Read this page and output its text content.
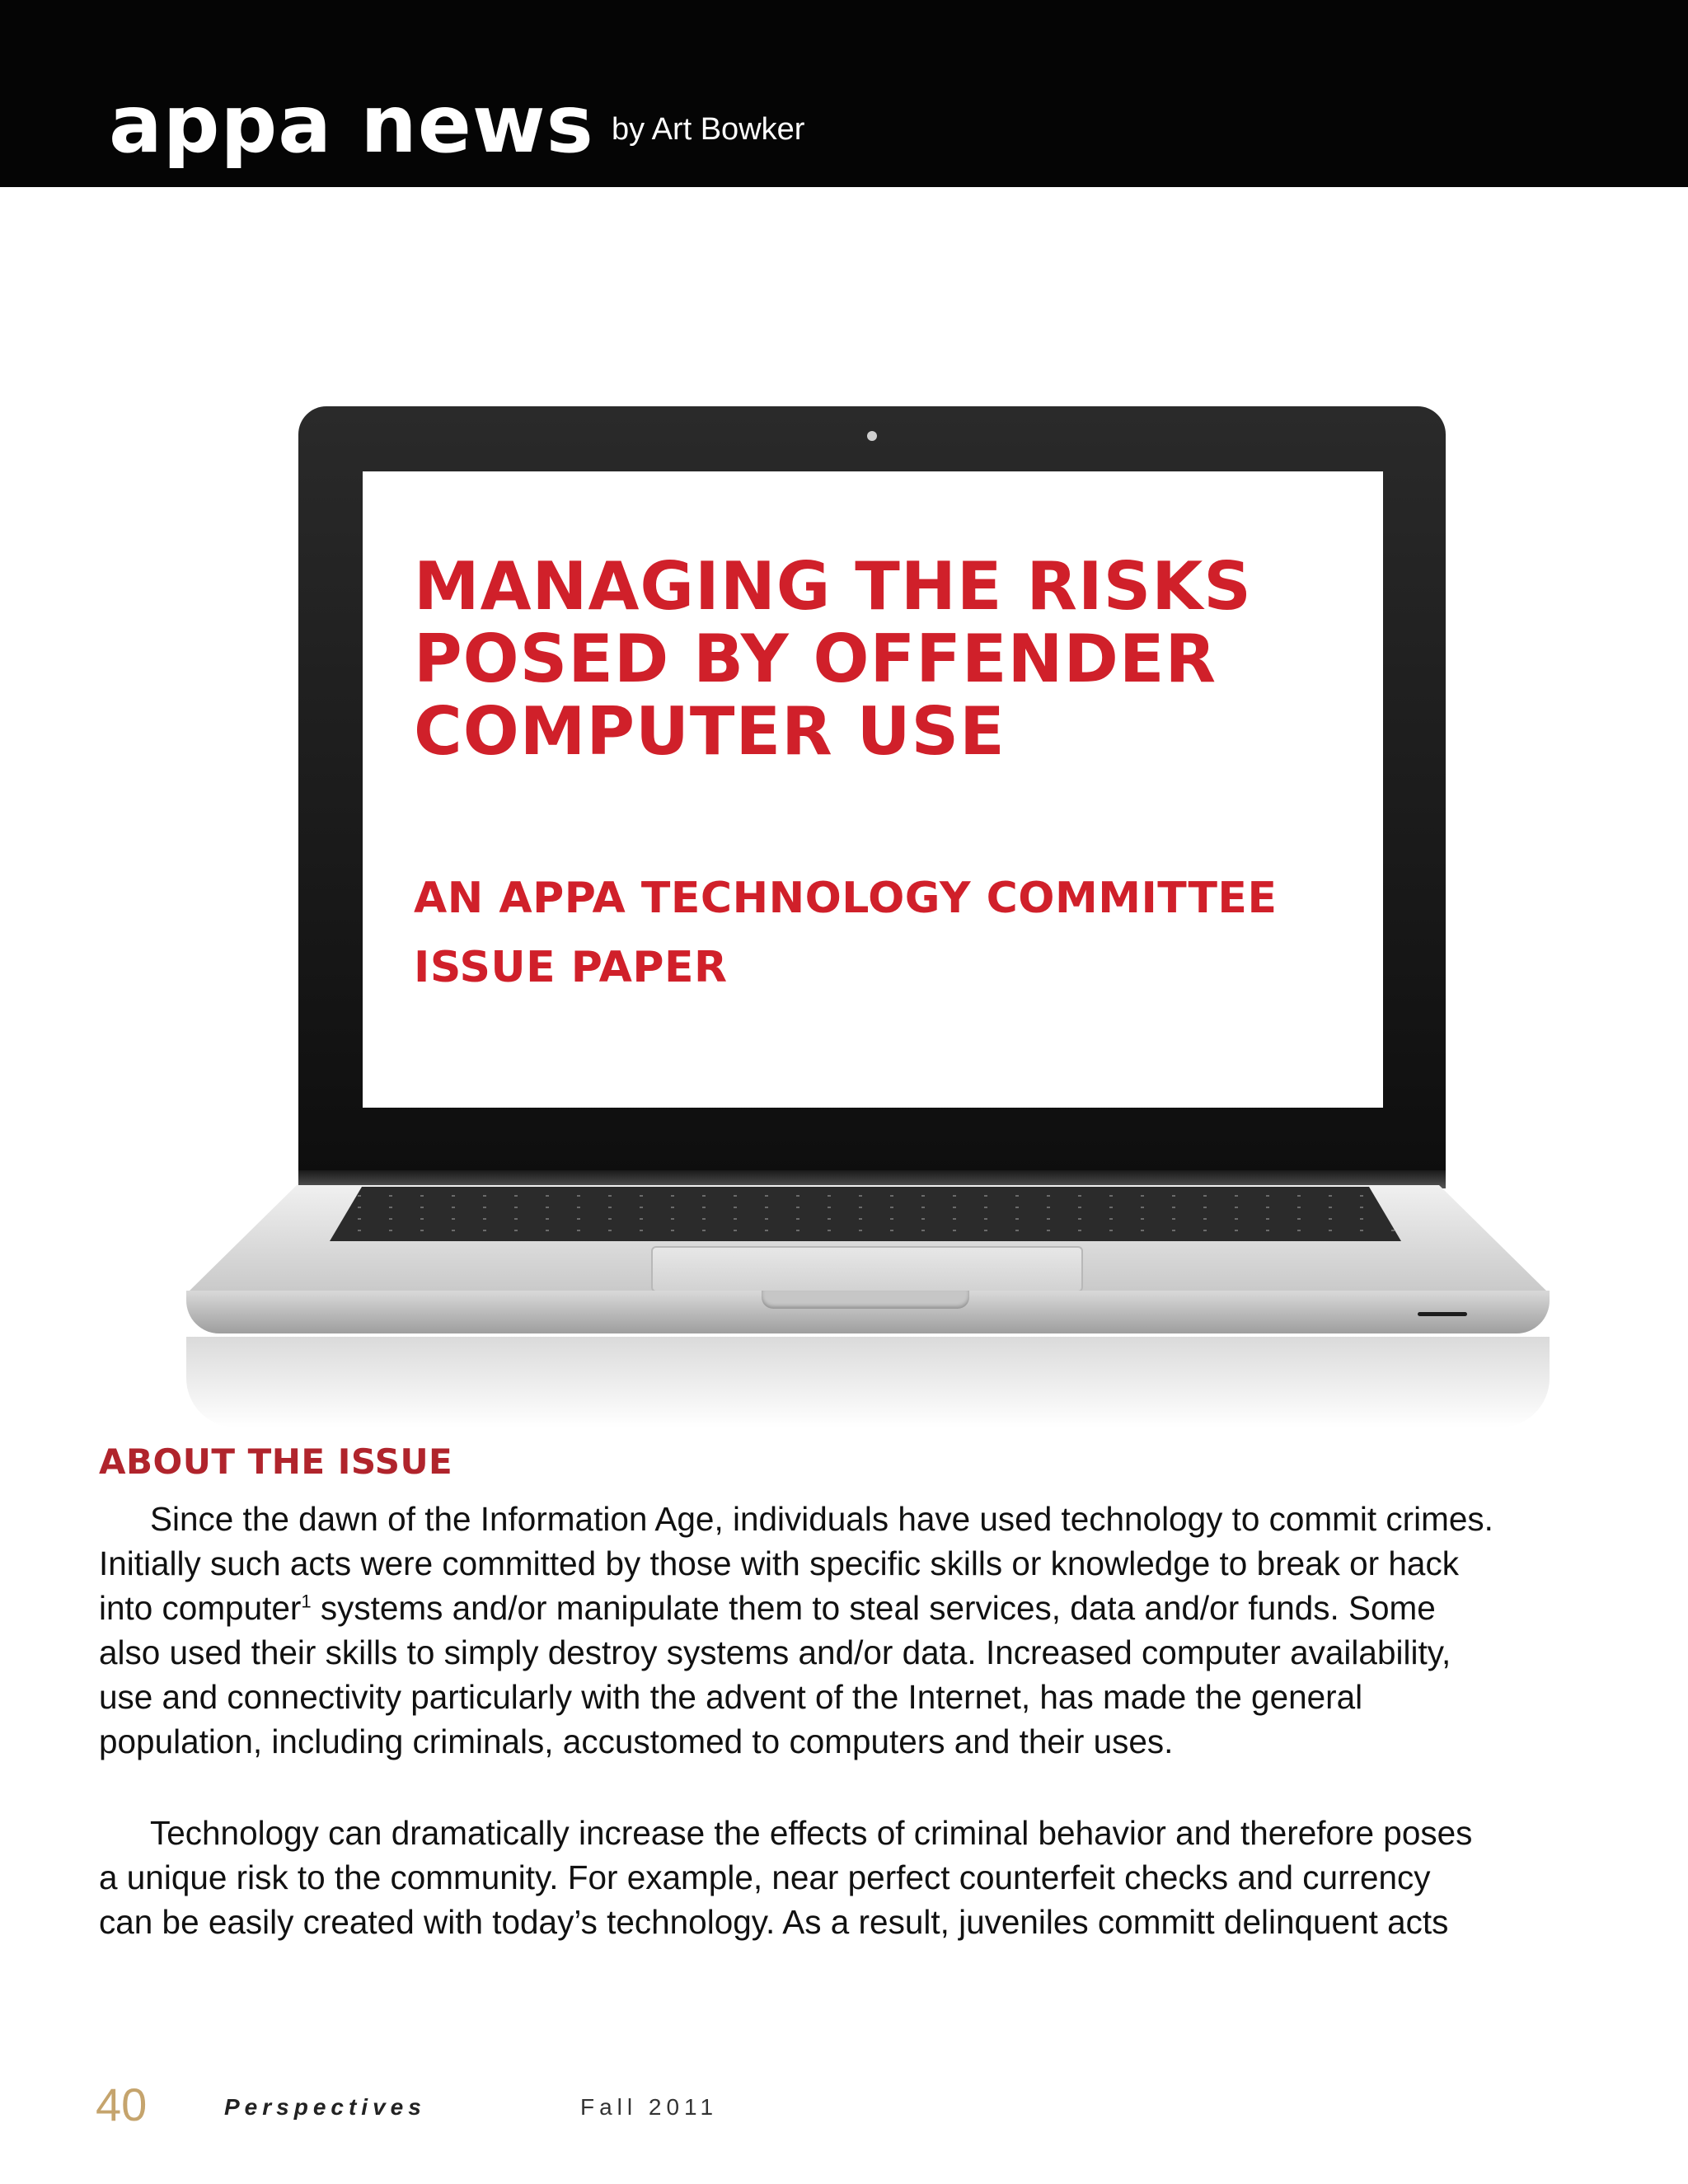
appa news by Art Bowker
MANAGING THE RISKS
POSED BY OFFENDER
COMPUTER USE
AN APPA TECHNOLOGY COMMITTEE
ISSUE PAPER
ABOUT THE ISSUE

Since the dawn of the Information Age, individuals have used technology to commit crimes.
Initially such acts were committed by those with specific skills or knowledge to break or hack
into computer$^1$ systems and/or manipulate them to steal services, data and/or funds. Some
also used their skills to simply destroy systems and/or data. Increased computer availability,
use and connectivity particularly with the advent of the Internet, has made the general
population, including criminals, accustomed to computers and their uses.

Technology can dramatically increase the effects of criminal behavior and therefore poses
a unique risk to the community. For example, near perfect counterfeit checks and currency
can be easily created with today’s technology. As a result, juveniles committ delinquent acts

40	Perspectives	Fall 2011
